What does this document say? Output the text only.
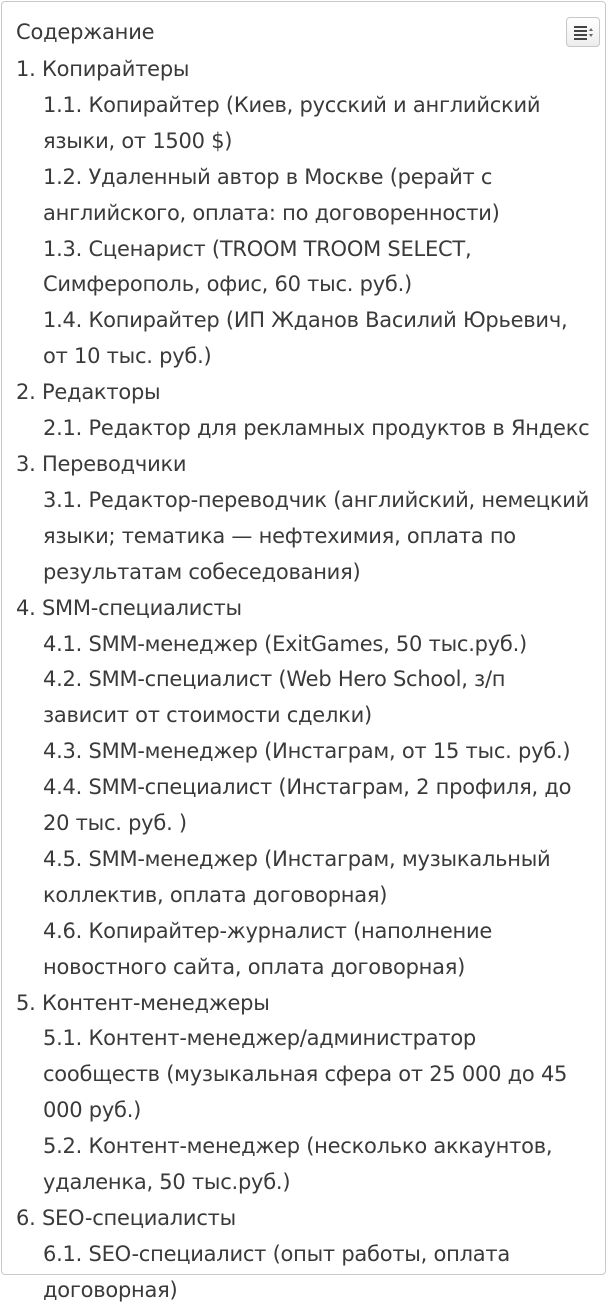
Содержание
1. Копирайтеры
1.1. Копирайтер (Киев, русский и английский языки, от 1500 $)
1.2. Удаленный автор в Москве (рерайт с английского, оплата: по договоренности)
1.3. Сценарист (TROOM TROOM SELECT, Симферополь, офис, 60 тыс. руб.)
1.4. Копирайтер (ИП Жданов Василий Юрьевич, от 10 тыс. руб.)
2. Редакторы
2.1. Редактор для рекламных продуктов в Яндекс
3. Переводчики
3.1. Редактор-переводчик (английский, немецкий языки; тематика — нефтехимия, оплата по результатам собеседования)
4. SMM-специалисты
4.1. SMM-менеджер (ExitGames, 50 тыс.руб.)
4.2. SMM-специалист (Web Hero School, з/п зависит от стоимости сделки)
4.3. SMM-менеджер (Инстаграм, от 15 тыс. руб.)
4.4. SMM-специалист (Инстаграм, 2 профиля, до 20 тыс. руб. )
4.5. SMM-менеджер (Инстаграм, музыкальный коллектив, оплата договорная)
4.6. Копирайтер-журналист (наполнение новостного сайта, оплата договорная)
5. Контент-менеджеры
5.1. Контент-менеджер/администратор сообществ (музыкальная сфера от 25 000 до 45 000 руб.)
5.2. Контент-менеджер (несколько аккаунтов, удаленка, 50 тыс.руб.)
6. SEO-специалисты
6.1. SEO-специалист (опыт работы, оплата договорная)
